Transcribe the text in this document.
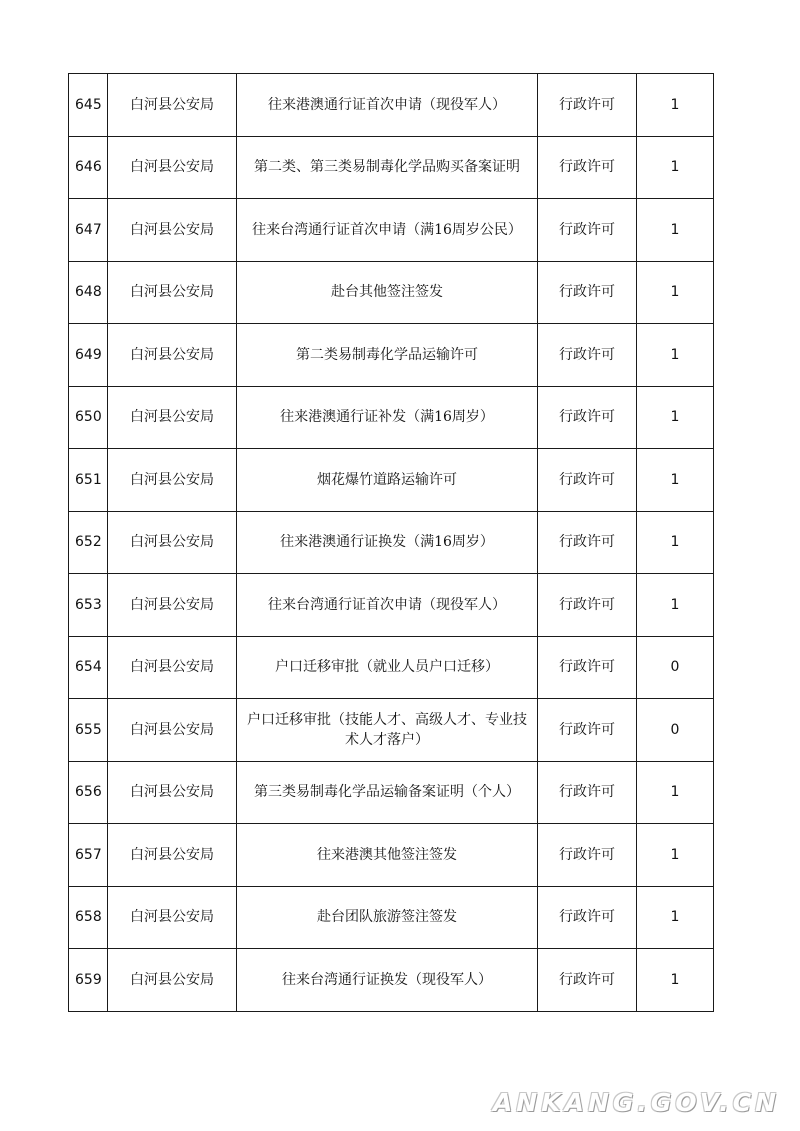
645	白河县公安局	往来港澳通行证首次申请（现役军人）	行政许可	1
646	白河县公安局	第二类、第三类易制毒化学品购买备案证明	行政许可	1
647	白河县公安局	往来台湾通行证首次申请（满16周岁公民）	行政许可	1
648	白河县公安局	赴台其他签注签发	行政许可	1
649	白河县公安局	第二类易制毒化学品运输许可	行政许可	1
650	白河县公安局	往来港澳通行证补发（满16周岁）	行政许可	1
651	白河县公安局	烟花爆竹道路运输许可	行政许可	1
652	白河县公安局	往来港澳通行证换发（满16周岁）	行政许可	1
653	白河县公安局	往来台湾通行证首次申请（现役军人）	行政许可	1
654	白河县公安局	户口迁移审批（就业人员户口迁移）	行政许可	0
655	白河县公安局	户口迁移审批（技能人才、高级人才、专业技术人才落户）	行政许可	0
656	白河县公安局	第三类易制毒化学品运输备案证明（个人）	行政许可	1
657	白河县公安局	往来港澳其他签注签发	行政许可	1
658	白河县公安局	赴台团队旅游签注签发	行政许可	1
659	白河县公安局	往来台湾通行证换发（现役军人）	行政许可	1
ANKANG.GOV.CN
